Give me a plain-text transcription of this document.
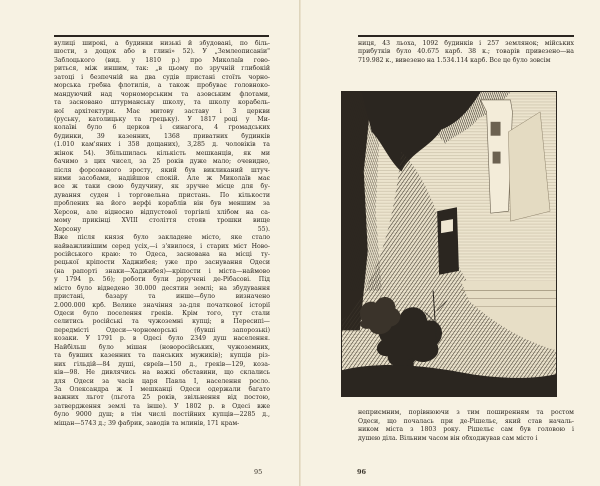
вулиці широкі, а будинки низькі й збудовані, по біль-
шости, з дощок або в глині» 52). У „Землеописаніи"
Заблоцького (вид. у 1810 р.) про Миколаїв гово-
риться, між иншим, так: „в цьому по зручній глибокій
затоці і безпечній на два судів пристані стоїть чорно-
морська гребна флотилія, а також пробуває головноко-
мандуючий над чорноморським та азовським флотами,
та засновано штурманську школу, та школу корабель-
ної архітектури. Має митову заставу і 3 церкви
(руську, католицьку та грецьку). У 1817 році у Ми-
колаїві було 6 церков і синагога, 4 громадських
будинки, 39 казенних, 1368 приватних будинків
(1.010 кам'яних і 358 дощаних), 3,285 д. чоловіків та
жінок 54). Збільшилась кількість мешканців, як ми
бачимо з цих чисел, за 25 років дуже мало; очевидно,
після форсованого зросту, який був викликаний штуч-
ними засобами, надійшов спокій. Але ж Миколаїв має
все ж таки свою будучину, як зручне місце для бу-
дування суден і торговельна пристань. По кількости
проблених на його верфі кораблів він був меншим за
Херсон, але відносно відпустової торгівлі хлібом на са-
мому прикінці XVIII століття стояв трошки вище
Херсону 55).
Вже після князя було закладене місто, яке стало
найважливішим серед усіх,—і з'явилося, і старих міст Ново-
російського краю: то Одеса, заснована на місці ту-
рецької кріпости Хаджибея; уже про заснування Одеси
(на рапорті знаки—Хаджибея)—кріпости і міста—наймово
у 1794 р. 56); роботи були доручені де-Рібасові. Під
місто було відведено 30.000 десятин землі; на збудування
пристані, базару та инше—було визначено
2.000.000 крб. Велике значіння за-для початкової історії
Одеси було поселення греків. Крім того, тут стали
селитись російські та чужоземні купці; в Пересипі—
передмісті Одеси—чорноморські (бувші запорозькі)
козаки. У 1791 р. в Одесі було 2349 душ населення.
Найбільш було мішан (новоросійських, чужоземних,
та бувших казенних та панських мужиків); купців різ-
них гільдій—84 душі, євреїв—150 д., греків—129, коза-
ків—98. Не дивлячись на важкі обставини, що склались
для Одеси за часів царя Павла І, населення росло.
За Олександра ж І мешканці Одеси одержали багато
важних льгот (льгота 25 років, звільнення від постою,
затвердження землі та інше). У 1802 р. в Одесі вже
було 9000 душ; в тім числі постійних купців—2285 д.,
міщан—5743 д.; 39 фабрик, заводів та млинів, 171 крам-
95
ниця, 43 льоха, 1092 будинків і 257 землянок; мійських
прибутків було 40.675 карб. 38 к.; товарів привезено—на
719.982 к., вивезено на 1.534.114 карб. Все це було зовсім
неприємним, порівнюючи з тим поширенням та ростом
Одеси, що почалась при де-Рішельє, який став началь-
ником міста з 1803 року. Рішельє сам був головою і
душею діла. Вільним часом він обходжував сам місто і
96
